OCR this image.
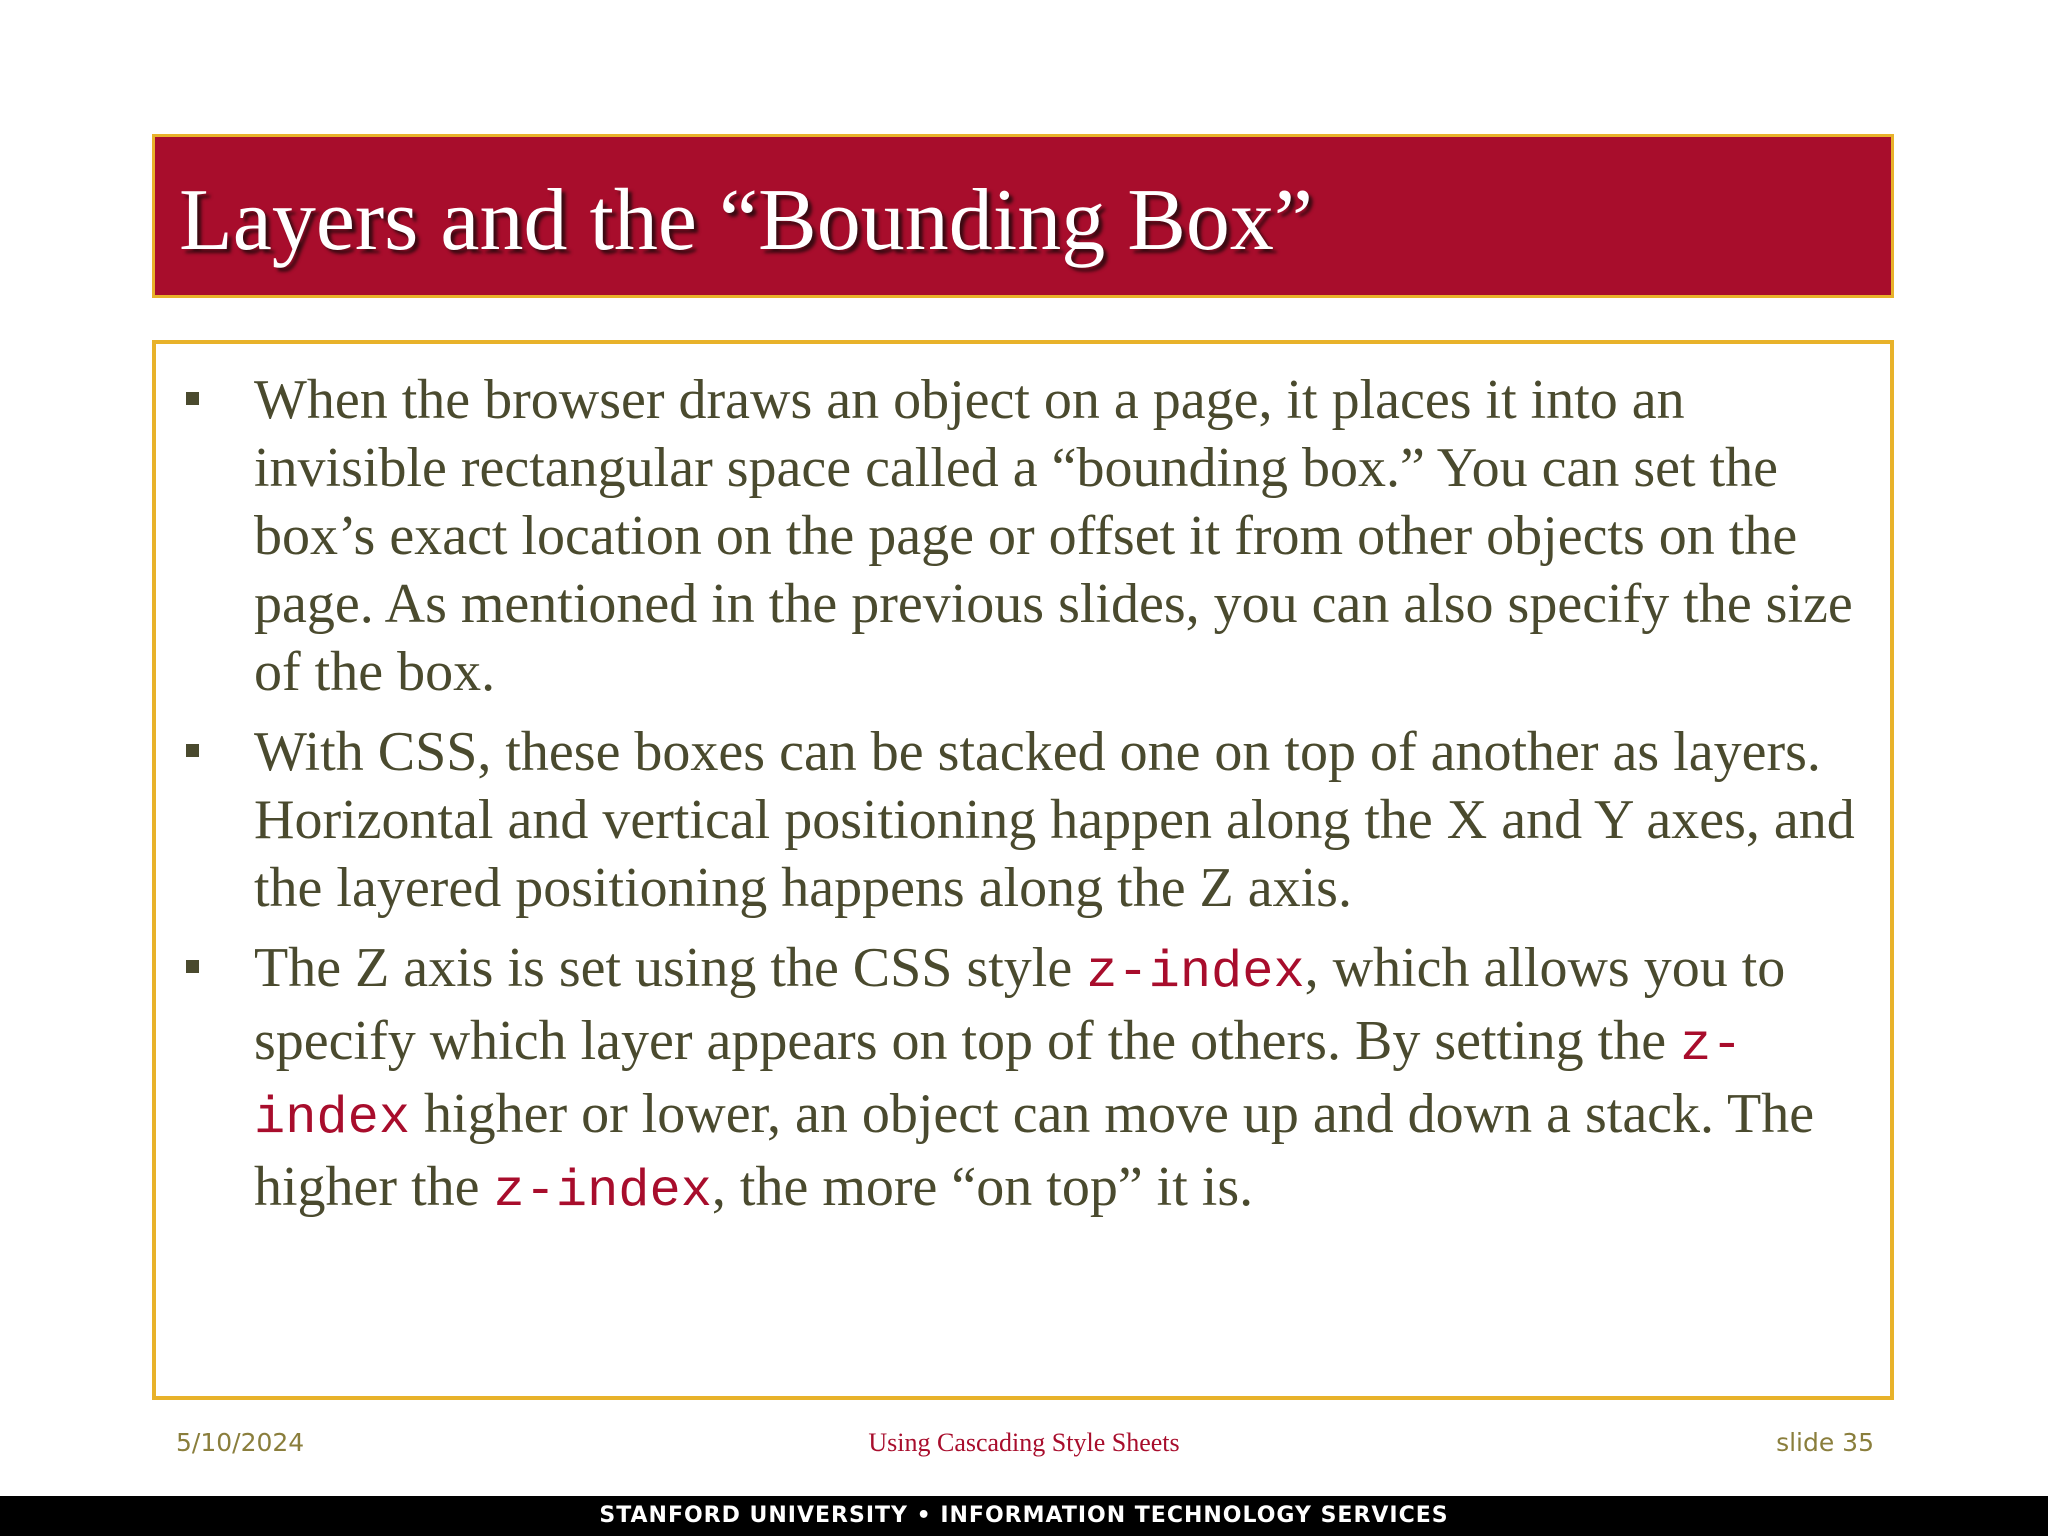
Layers and the “Bounding Box”
When the browser draws an object on a page, it places it into an invisible rectangular space called a “bounding box.” You can set the box’s exact location on the page or offset it from other objects on the page. As mentioned in the previous slides, you can also specify the size of the box.
With CSS, these boxes can be stacked one on top of another as layers. Horizontal and vertical positioning happen along the X and Y axes, and the layered positioning happens along the Z axis.
The Z axis is set using the CSS style z-index, which allows you to specify which layer appears on top of the others. By setting the z-index higher or lower, an object can move up and down a stack. The higher the z-index, the more “on top” it is.
5/10/2024	Using Cascading Style Sheets	slide 35
STANFORD UNIVERSITY • INFORMATION TECHNOLOGY SERVICES
